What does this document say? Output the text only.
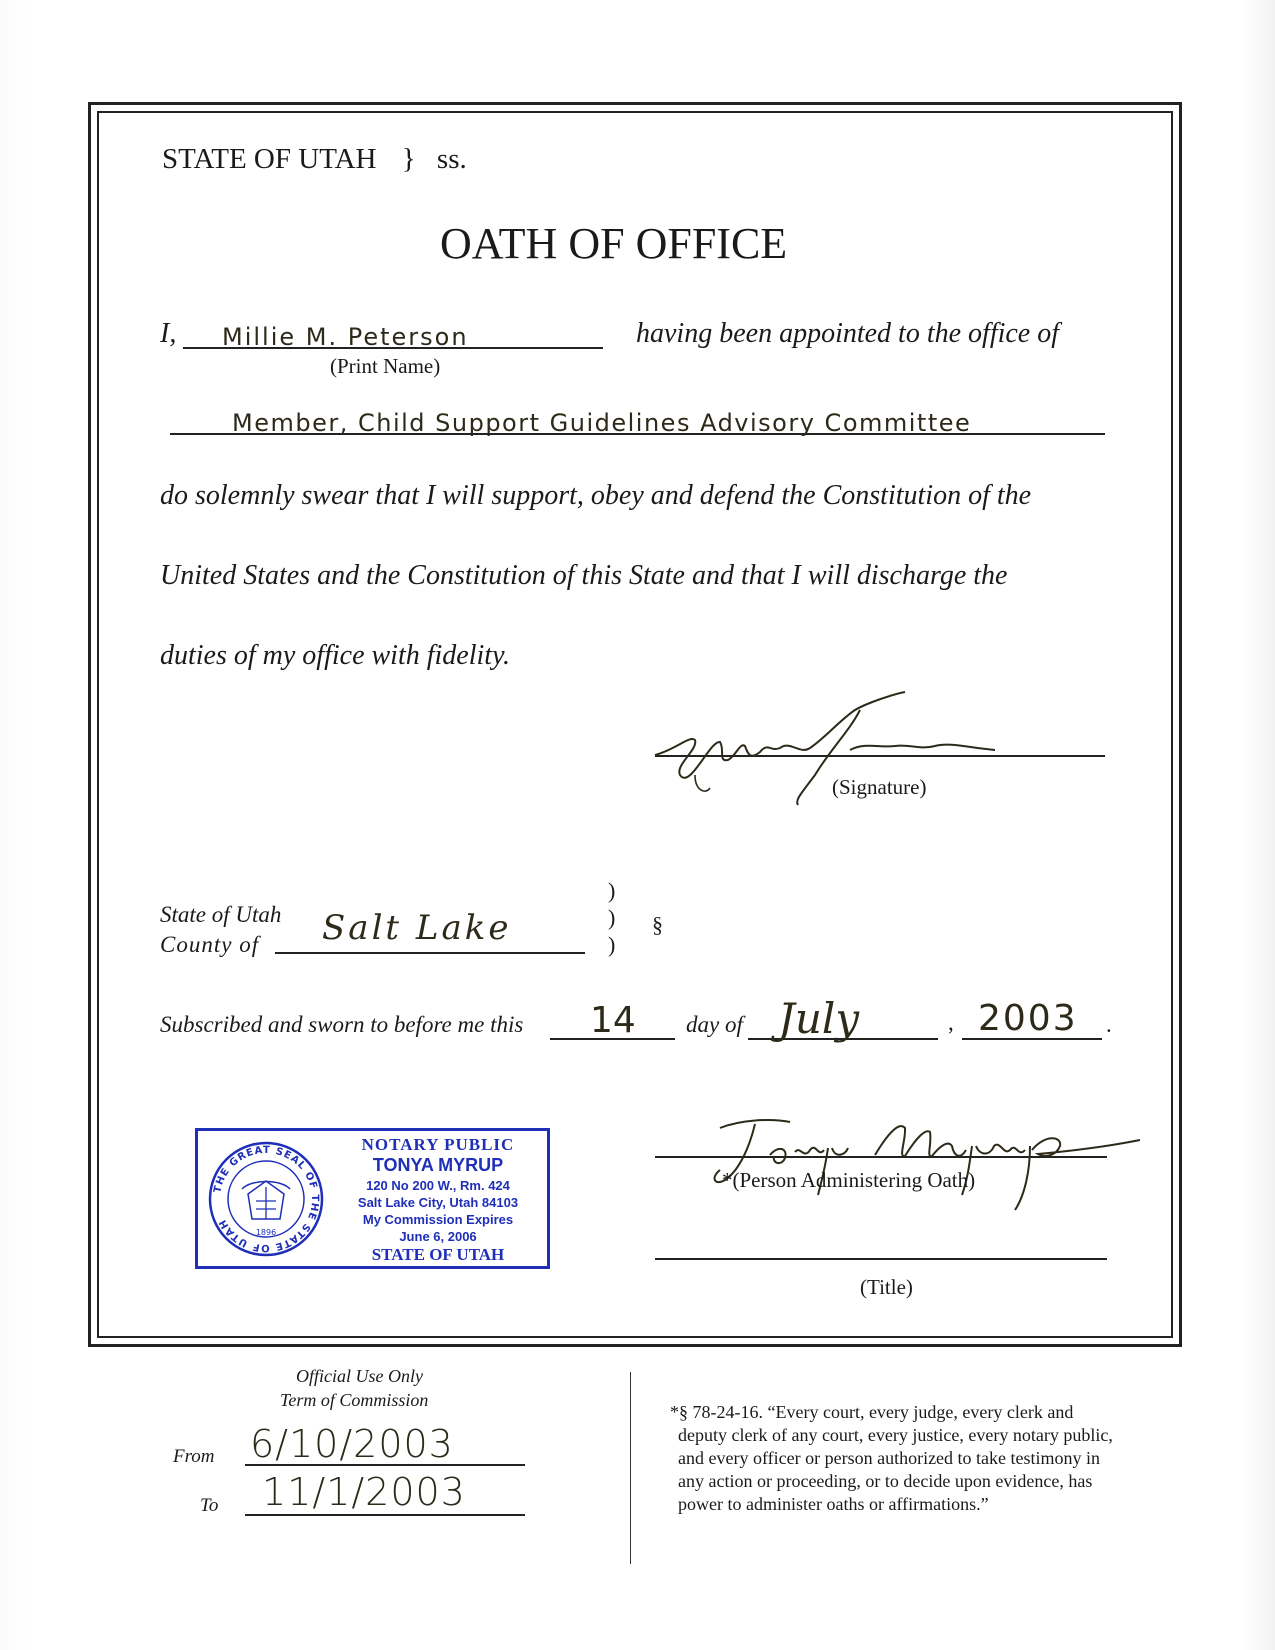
STATE OF UTAH } ss.
OATH OF OFFICE
I, Millie M. Peterson	having been appointed to the office of
(Print Name)
Member, Child Support Guidelines Advisory Committee
do solemnly swear that I will support, obey and defend the Constitution of the
United States and the Constitution of this State and that I will discharge the
duties of my office with fidelity.
(Signature)
State of Utah
County of Salt Lake
)
)
)
§
Subscribed and sworn to before me this 14 day of July	, 2003 .
THE GREAT SEAL OF THE STATE OF UTAH
1896
NOTARY PUBLIC
TONYA MYRUP
120 No 200 W., Rm. 424
Salt Lake City, Utah 84103
My Commission Expires
June 6, 2006
STATE OF UTAH
*(Person Administering Oath)
(Title)
Official Use Only
Term of Commission
From 6/10/2003
To 11/1/2003
*§ 78-24-16. “Every court, every judge, every clerk and
deputy clerk of any court, every justice, every notary public,
and every officer or person authorized to take testimony in
any action or proceeding, or to decide upon evidence, has
power to administer oaths or affirmations.”
